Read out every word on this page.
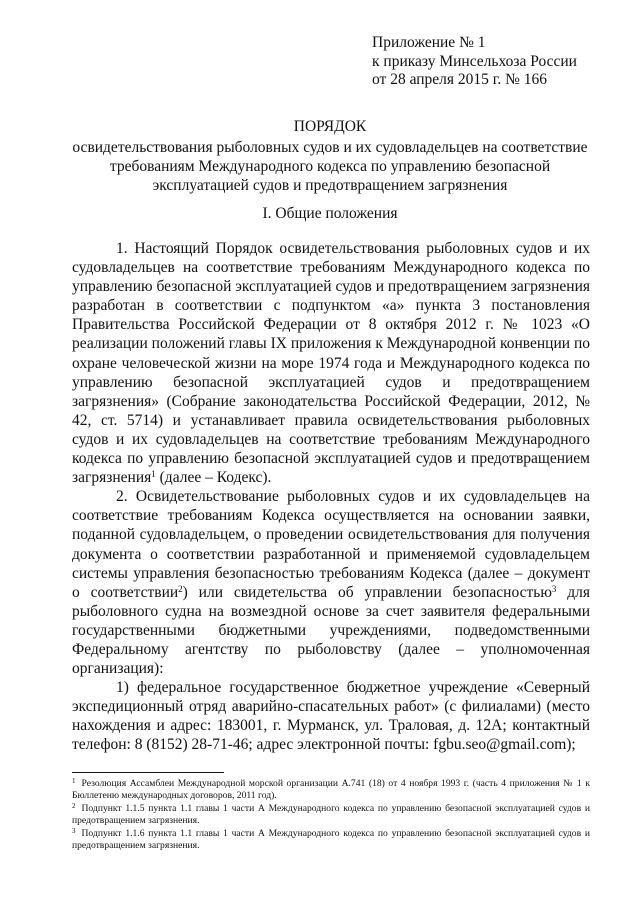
Приложение № 1
к приказу Минсельхоза России
от 28 апреля 2015 г. № 166
ПОРЯДОК
освидетельствования рыболовных судов и их судовладельцев на соответствие требованиям Международного кодекса по управлению безопасной эксплуатацией судов и предотвращением загрязнения
I. Общие положения

1. Настоящий Порядок освидетельствования рыболовных судов и их судовладельцев на соответствие требованиям Международного кодекса по управлению безопасной эксплуатацией судов и предотвращением загрязнения разработан в соответствии с подпунктом «а» пункта 3 постановления Правительства Российской Федерации от 8 октября 2012 г. № 1023 «О реализации положений главы IX приложения к Международной конвенции по охране человеческой жизни на море 1974 года и Международного кодекса по управлению безопасной эксплуатацией судов и предотвращением загрязнения» (Собрание законодательства Российской Федерации, 2012, № 42, ст. 5714) и устанавливает правила освидетельствования рыболовных судов и их судовладельцев на соответствие требованиям Международного кодекса по управлению безопасной эксплуатацией судов и предотвращением загрязнения$^1$ (далее – Кодекс).

2. Освидетельствование рыболовных судов и их судовладельцев на соответствие требованиям Кодекса осуществляется на основании заявки, поданной судовладельцем, о проведении освидетельствования для получения документа о соответствии разработанной и применяемой судовладельцем системы управления безопасностью требованиям Кодекса (далее – документ о соответствии$^2$) или свидетельства об управлении безопасностью$^3$ для рыболовного судна на возмездной основе за счет заявителя федеральными государственными бюджетными учреждениями, подведомственными Федеральному агентству по рыболовству (далее – уполномоченная организация):

1) федеральное государственное бюджетное учреждение «Северный экспедиционный отряд аварийно-спасательных работ» (с филиалами) (место нахождения и адрес: 183001, г. Мурманск, ул. Траловая, д. 12А; контактный телефон: 8 (8152) 28-71-46; адрес электронной почты: fgbu.seo@gmail.com);

$^1$ Резолюция Ассамблеи Международной морской организации А.741 (18) от 4 ноября 1993 г. (часть 4 приложения № 1 к Бюллетеню международных договоров, 2011 год).

$^2$ Подпункт 1.1.5 пункта 1.1 главы 1 части А Международного кодекса по управлению безопасной эксплуатацией судов и предотвращением загрязнения.

$^3$ Подпункт 1.1.6 пункта 1.1 главы 1 части А Международного кодекса по управлению безопасной эксплуатацией судов и предотвращением загрязнения.
